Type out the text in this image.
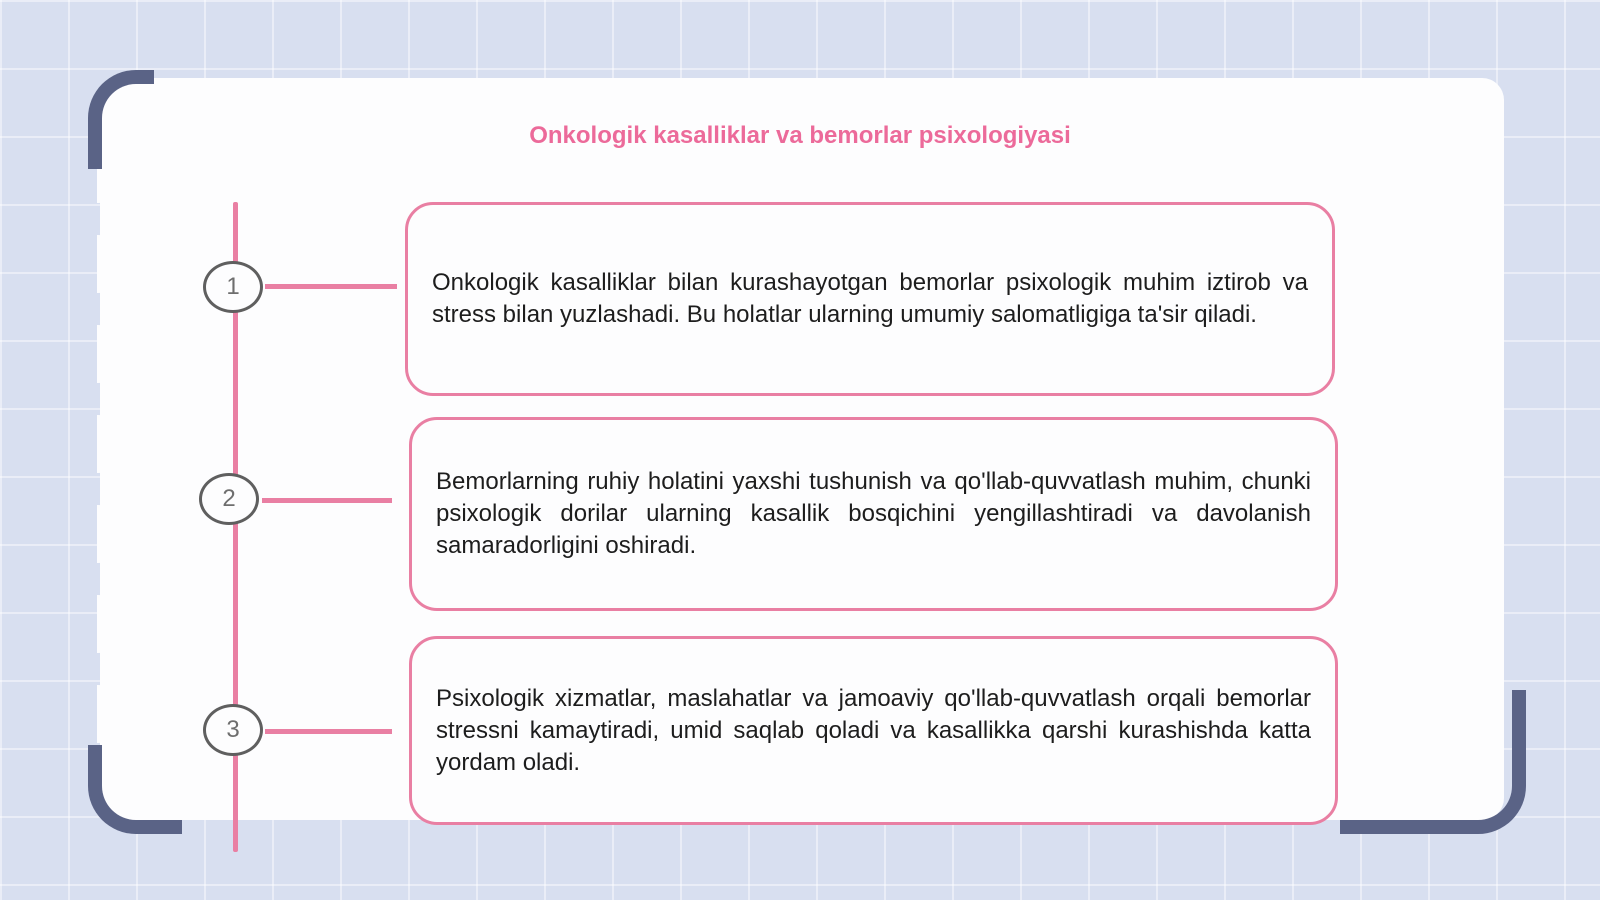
Onkologik kasalliklar va bemorlar psixologiyasi
1
2
3

Onkologik kasalliklar bilan kurashayotgan bemorlar psixologik muhim iztirob va stress bilan yuzlashadi. Bu holatlar ularning umumiy salomatligiga ta'sir qiladi.

Bemorlarning ruhiy holatini yaxshi tushunish va qo'llab-quvvatlash muhim, chunki psixologik dorilar ularning kasallik bosqichini yengillashtiradi va davolanish samaradorligini oshiradi.

Psixologik xizmatlar, maslahatlar va jamoaviy qo'llab-quvvatlash orqali bemorlar stressni kamaytiradi, umid saqlab qoladi va kasallikka qarshi kurashishda katta yordam oladi.
